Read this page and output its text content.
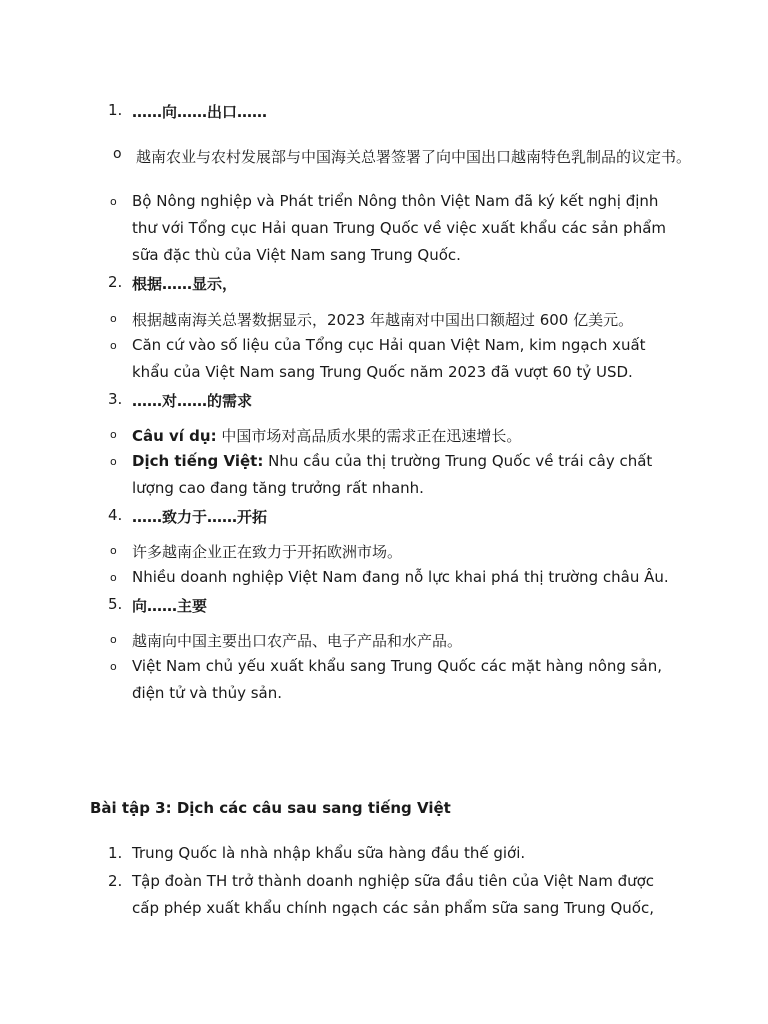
1. ……向……出口……
o 越南农业与农村发展部与中国海关总署签署了向中国出口越南特色乳制品的议定书。
o Bộ Nông nghiệp và Phát triển Nông thôn Việt Nam đã ký kết nghị định
thư với Tổng cục Hải quan Trung Quốc về việc xuất khẩu các sản phẩm
sữa đặc thù của Việt Nam sang Trung Quốc.
2. 根据……显示，
o 根据越南海关总署数据显示，2023 年越南对中国出口额超过 600 亿美元。
o Căn cứ vào số liệu của Tổng cục Hải quan Việt Nam, kim ngạch xuất
khẩu của Việt Nam sang Trung Quốc năm 2023 đã vượt 60 tỷ USD.
3. ……对……的需求
o Câu ví dụ: 中国市场对高品质水果的需求正在迅速增长。
o Dịch tiếng Việt: Nhu cầu của thị trường Trung Quốc về trái cây chất
lượng cao đang tăng trưởng rất nhanh.
4. ……致力于……开拓
o 许多越南企业正在致力于开拓欧洲市场。
o Nhiều doanh nghiệp Việt Nam đang nỗ lực khai phá thị trường châu Âu.
5. 向……主要
o 越南向中国主要出口农产品、电子产品和水产品。
o Việt Nam chủ yếu xuất khẩu sang Trung Quốc các mặt hàng nông sản,
điện tử và thủy sản.
Bài tập 3: Dịch các câu sau sang tiếng Việt
1. Trung Quốc là nhà nhập khẩu sữa hàng đầu thế giới.
2. Tập đoàn TH trở thành doanh nghiệp sữa đầu tiên của Việt Nam được
cấp phép xuất khẩu chính ngạch các sản phẩm sữa sang Trung Quốc,
